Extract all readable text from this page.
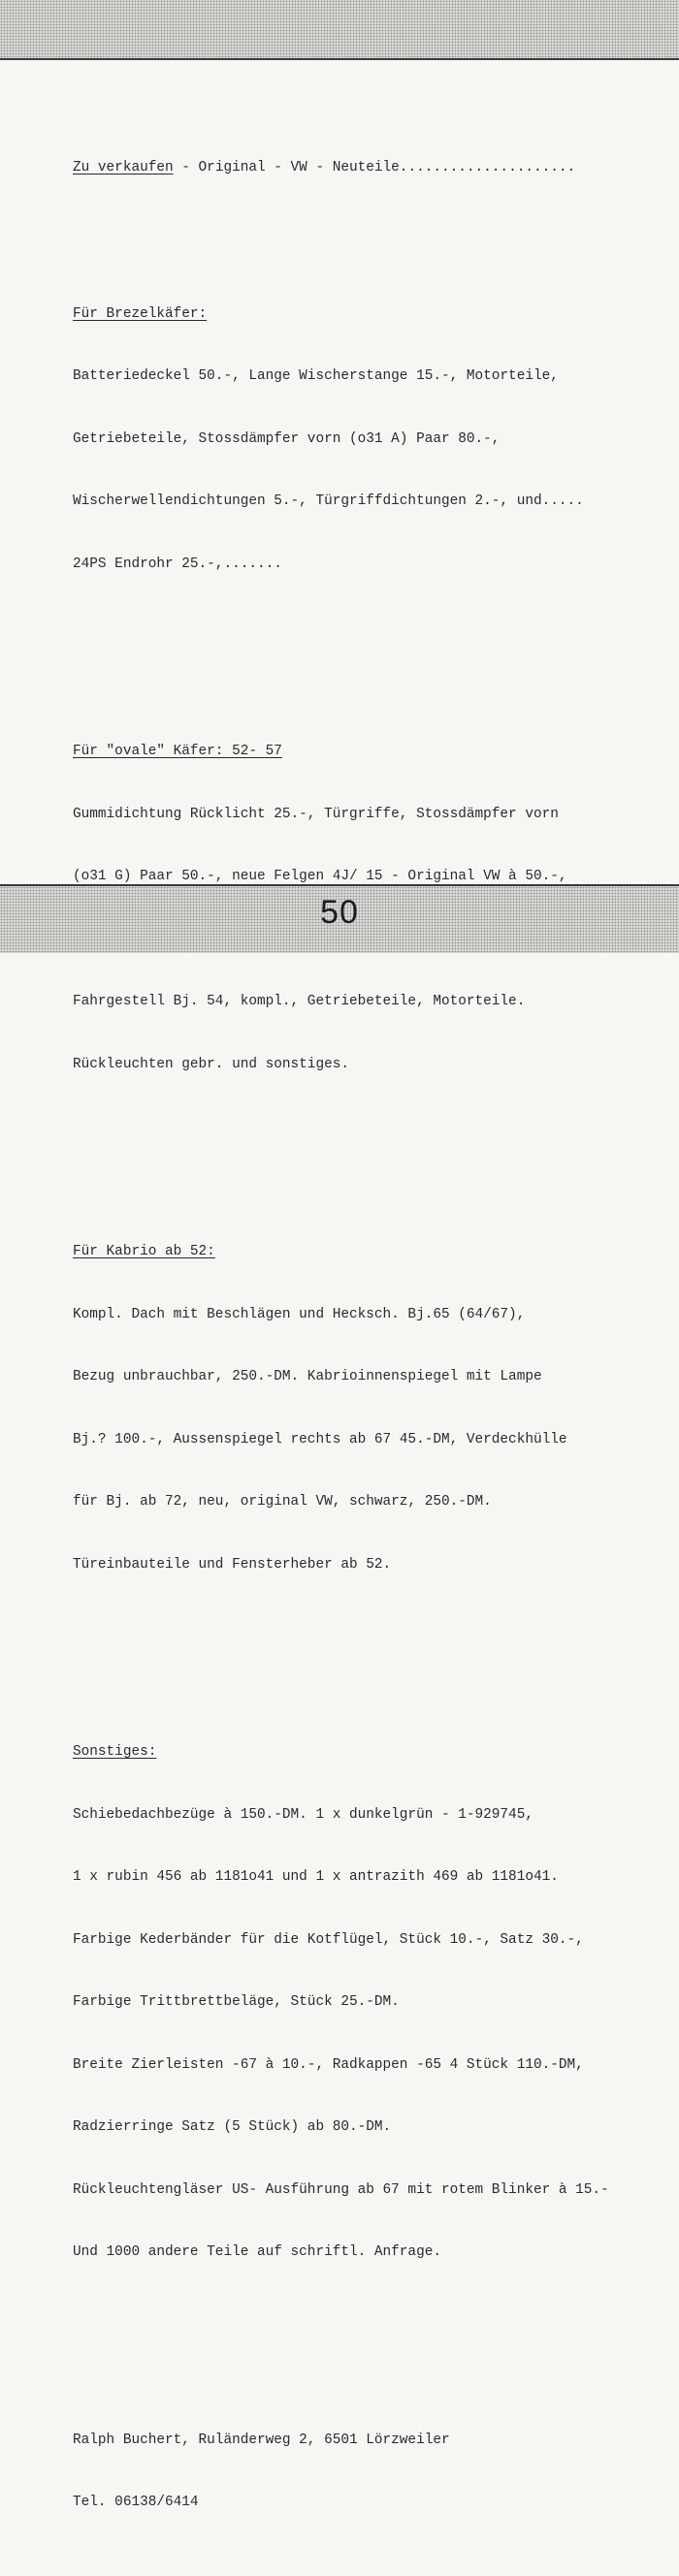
Zu verkaufen - Original - VW - Neuteile.....................

Für Brezelkäfer:

Batteriedeckel 50.-, Lange Wischerstange 15.-, Motorteile,

Getriebeteile, Stossdämpfer vorn (o31 A) Paar 80.-,

Wischerwellendichtungen 5.-, Türgriffdichtungen 2.-, und.....

24PS Endrohr 25.-,.......

Für "ovale" Käfer: 52- 57

Gummidichtung Rücklicht 25.-, Türgriffe, Stossdämpfer vorn

(o31 G) Paar 50.-, neue Felgen 4J/ 15 - Original VW à 50.-,

Fahrgestell Bj. 54, kompl., Getriebeteile, Motorteile.

Rückleuchten gebr. und sonstiges.

Für Kabrio ab 52:

Kompl. Dach mit Beschlägen und Hecksch. Bj.65 (64/67),

Bezug unbrauchbar, 250.-DM. Kabrioinnenspiegel mit Lampe

Bj.? 100.-, Aussenspiegel rechts ab 67 45.-DM, Verdeckhülle

für Bj. ab 72, neu, original VW, schwarz, 250.-DM.

Türeinbauteile und Fensterheber ab 52.

Sonstiges:

Schiebedachbezüge à 150.-DM. 1 x dunkelgrün - 1-929745,

1 x rubin 456 ab 1181o41 und 1 x antrazith 469 ab 1181o41.

Farbige Kederbänder für die Kotflügel, Stück 10.-, Satz 30.-,

Farbige Trittbrettbeläge, Stück 25.-DM.

Breite Zierleisten -67 à 10.-, Radkappen -65 4 Stück 110.-DM,

Radzierringe Satz (5 Stück) ab 80.-DM.

Rückleuchtengläser US- Ausführung ab 67 mit rotem Blinker à 15.-

Und 1000 andere Teile auf schriftl. Anfrage.

Ralph Buchert, Ruländerweg 2, 6501 Lörzweiler

Tel. 06138/6414

50
